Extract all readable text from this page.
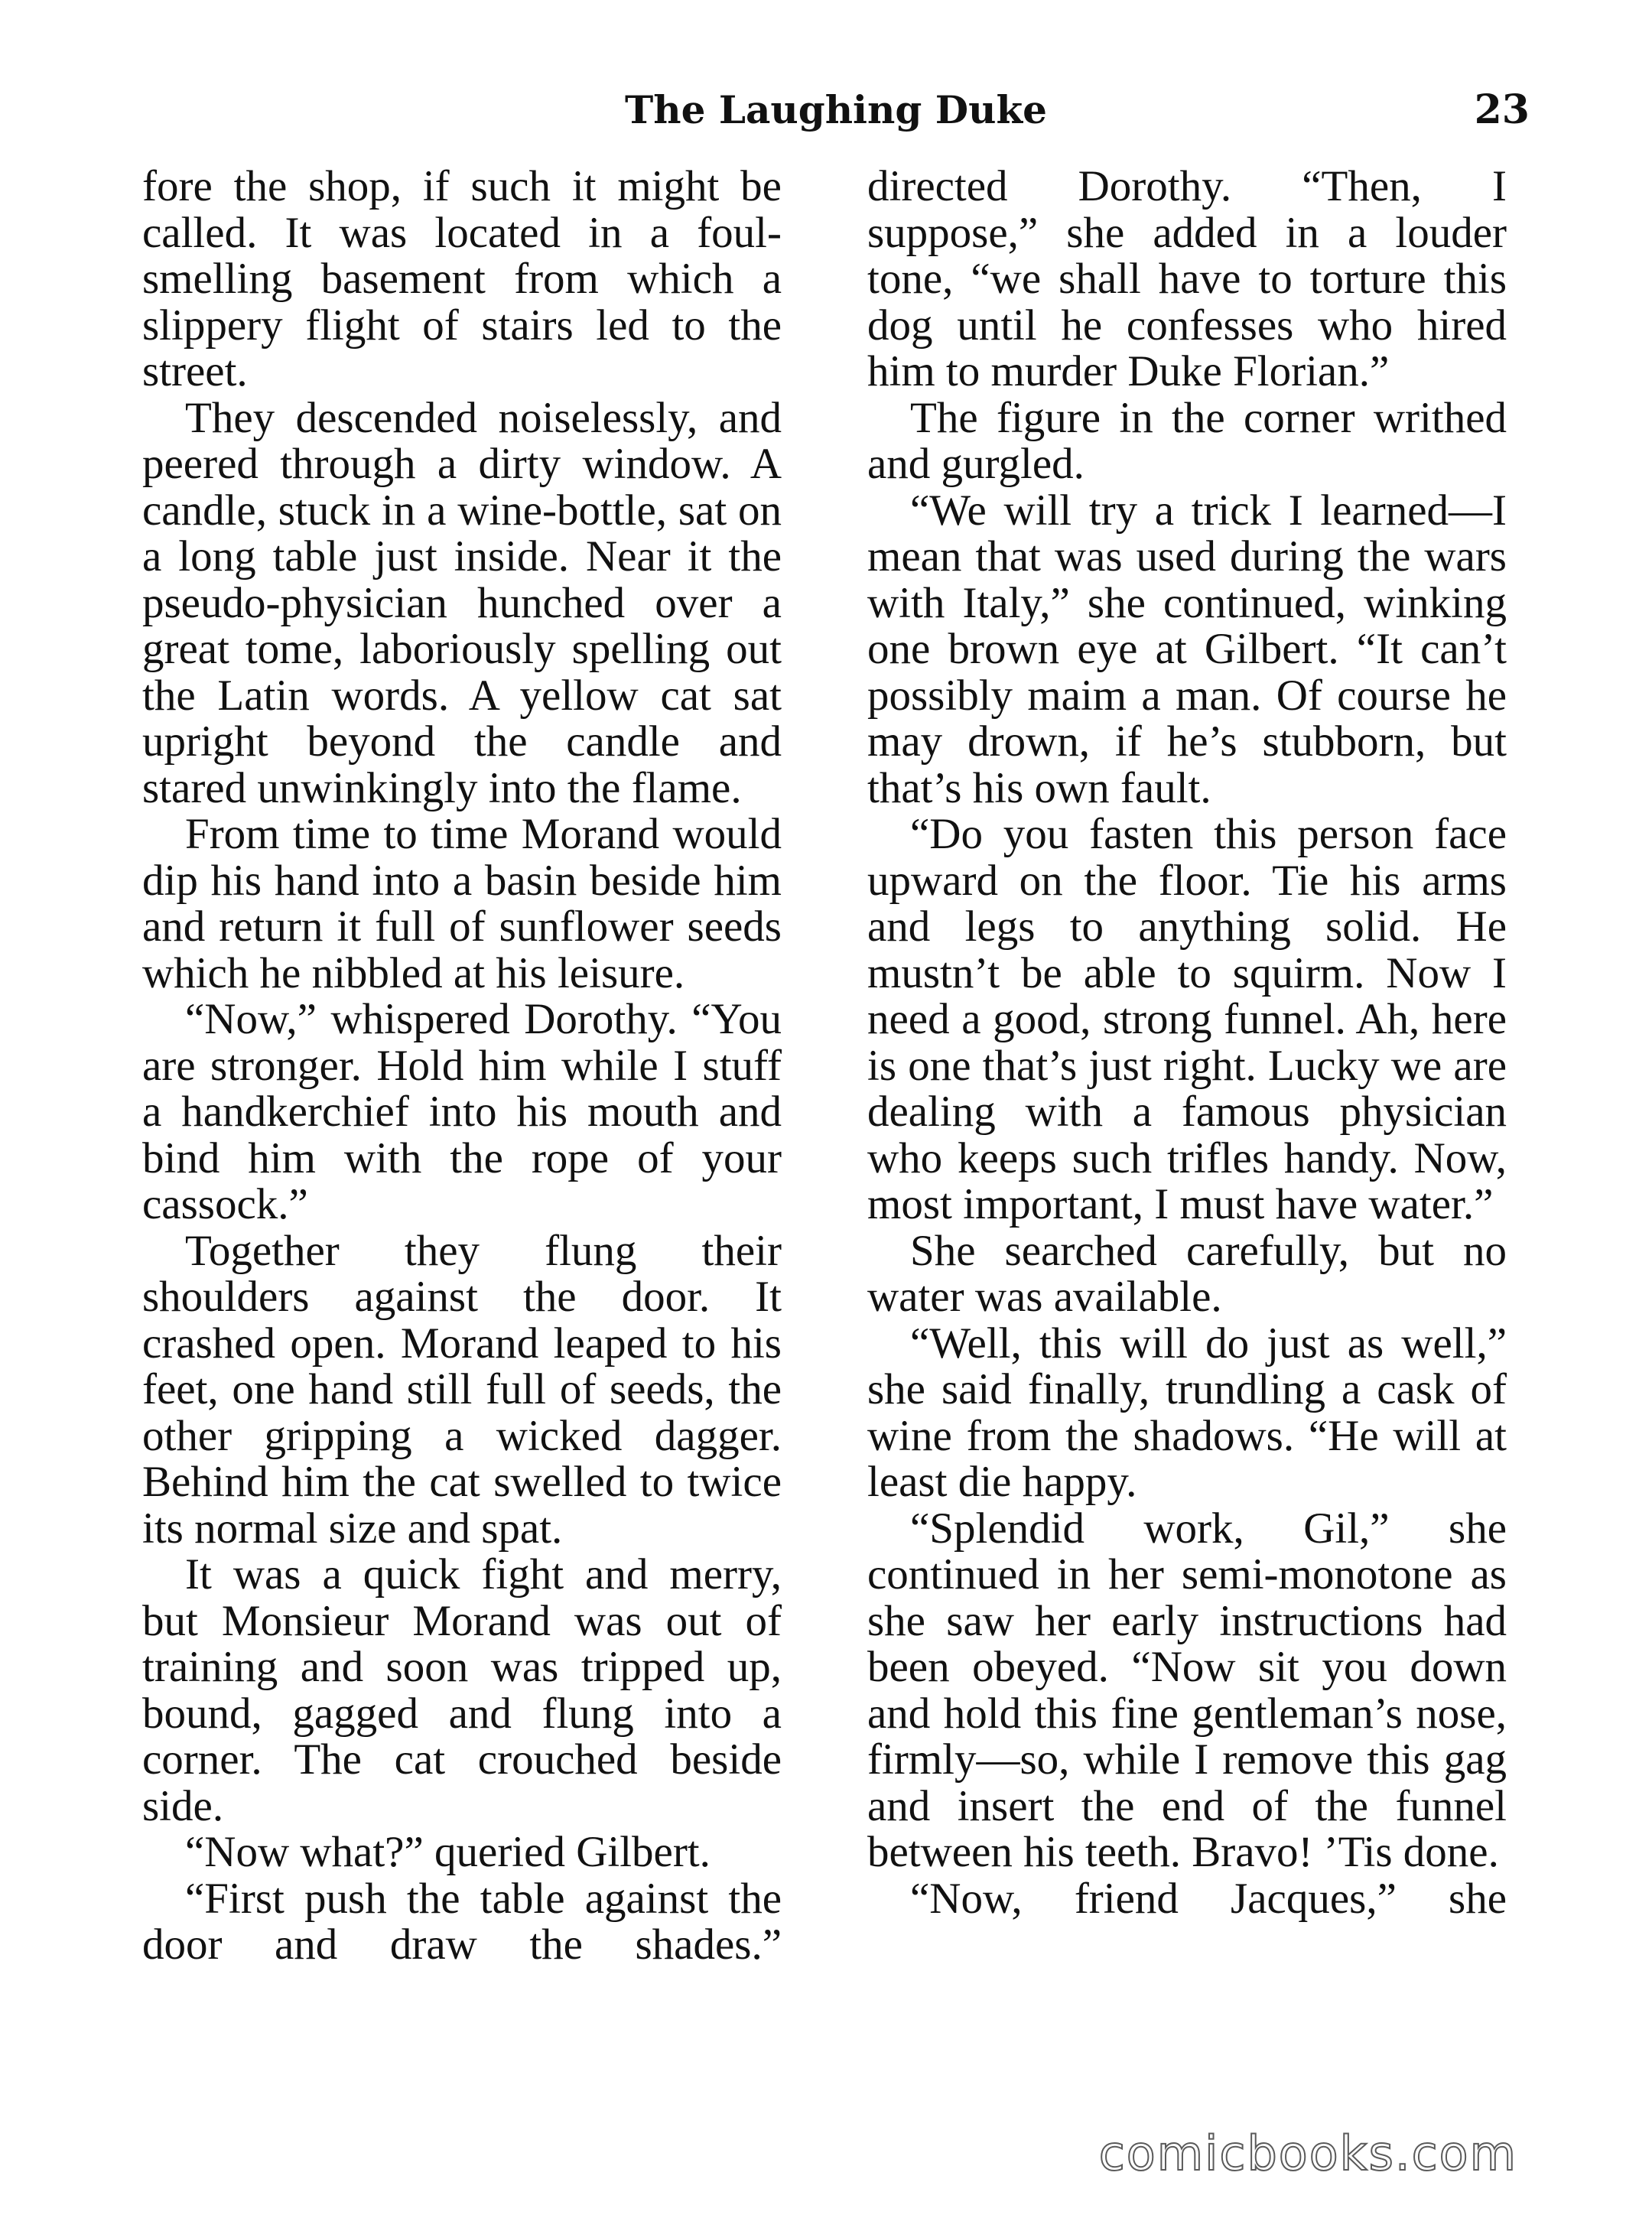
The Laughing Duke	23

fore the shop, if such it might be called. It was located in a foul-smelling basement from which a slippery flight of stairs led to the street.

They descended noiselessly, and peered through a dirty window. A candle, stuck in a wine-bottle, sat on a long table just inside. Near it the pseudo-physician hunched over a great tome, laboriously spelling out the Latin words. A yellow cat sat upright beyond the candle and stared unwinkingly into the flame.

From time to time Morand would dip his hand into a basin beside him and return it full of sunflower seeds which he nibbled at his leisure.

“Now,” whispered Dorothy. “You are stronger. Hold him while I stuff a handkerchief into his mouth and bind him with the rope of your cassock.”

Together they flung their shoulders against the door. It crashed open. Morand leaped to his feet, one hand still full of seeds, the other gripping a wicked dagger. Behind him the cat swelled to twice its normal size and spat.

It was a quick fight and merry, but Monsieur Morand was out of training and soon was tripped up, bound, gagged and flung into a corner. The cat crouched beside side.

“Now what?” queried Gilbert.

“First push the table against the door and draw the shades.”

directed Dorothy. “Then, I suppose,” she added in a louder tone, “we shall have to torture this dog until he confesses who hired him to murder Duke Florian.”

The figure in the corner writhed and gurgled.

“We will try a trick I learned—I mean that was used during the wars with Italy,” she continued, winking one brown eye at Gilbert. “It can’t possibly maim a man. Of course he may drown, if he’s stubborn, but that’s his own fault.

“Do you fasten this person face upward on the floor. Tie his arms and legs to anything solid. He mustn’t be able to squirm. Now I need a good, strong funnel. Ah, here is one that’s just right. Lucky we are dealing with a famous physician who keeps such trifles handy. Now, most important, I must have water.”

She searched carefully, but no water was available.

“Well, this will do just as well,” she said finally, trundling a cask of wine from the shadows. “He will at least die happy.

“Splendid work, Gil,” she continued in her semi-monotone as she saw her early instructions had been obeyed. “Now sit you down and hold this fine gentleman’s nose, firmly—so, while I remove this gag and insert the end of the funnel between his teeth. Bravo! ’Tis done.

“Now, friend Jacques,” she

comicbooks.com
